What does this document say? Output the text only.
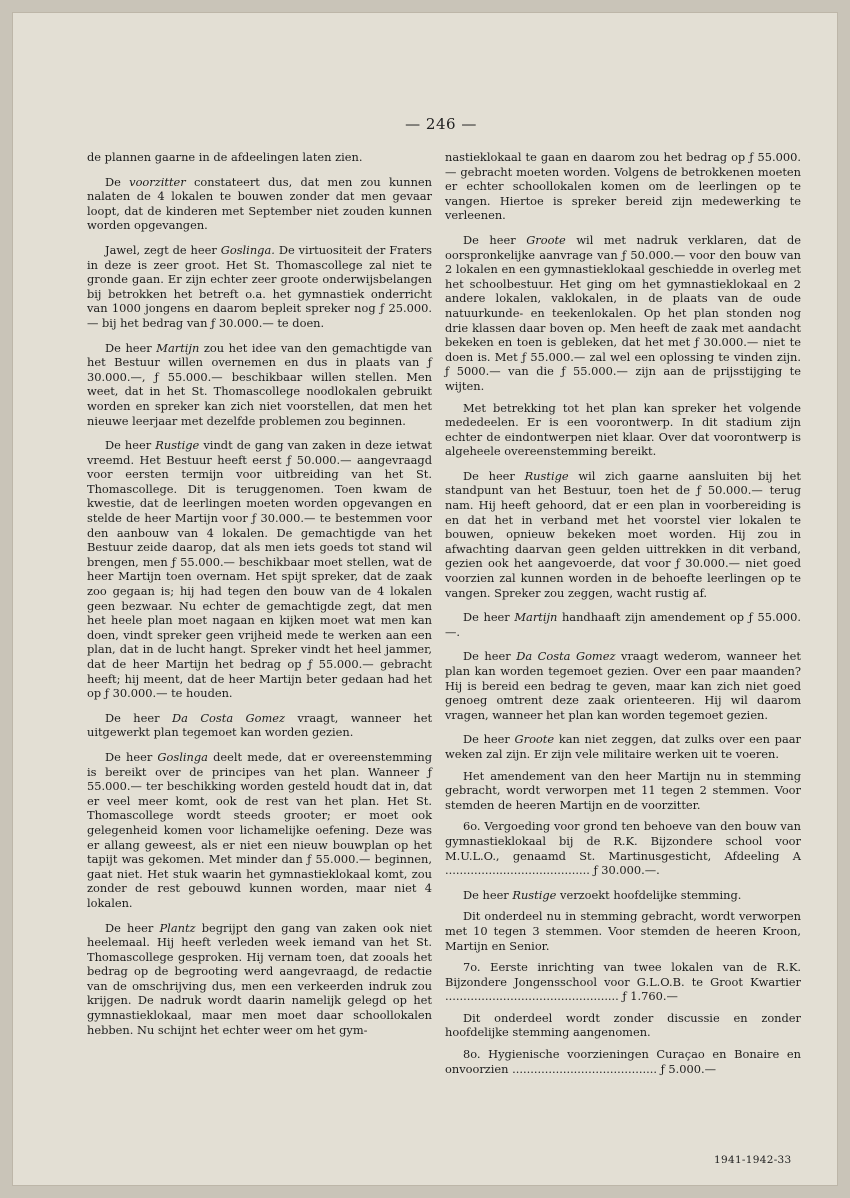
— 246 —

de plannen gaarne in de afdeelingen laten zien.

De voorzitter constateert dus, dat men zou kunnen nalaten de 4 lokalen te bouwen zonder dat men gevaar loopt, dat de kinderen met September niet zouden kunnen worden opgevangen.

Jawel, zegt de heer Goslinga. De virtuositeit der Fraters in deze is zeer groot. Het St. Thomascollege zal niet te gronde gaan. Er zijn echter zeer groote onderwijsbelangen bij betrokken het betreft o.a. het gymnastiek onderricht van 1000 jongens en daarom bepleit spreker nog ƒ 25.000.— bij het bedrag van ƒ 30.000.— te doen.

De heer Martijn zou het idee van den gemachtigde van het Bestuur willen overnemen en dus in plaats van ƒ 30.000.—, ƒ 55.000.— beschikbaar willen stellen. Men weet, dat in het St. Thomascollege noodlokalen gebruikt worden en spreker kan zich niet voorstellen, dat men het nieuwe leerjaar met dezelfde problemen zou beginnen.

De heer Rustige vindt de gang van zaken in deze ietwat vreemd. Het Bestuur heeft eerst ƒ 50.000.— aangevraagd voor eersten termijn voor uitbreiding van het St. Thomascollege. Dit is teruggenomen. Toen kwam de kwestie, dat de leerlingen moeten worden opgevangen en stelde de heer Martijn voor ƒ 30.000.— te bestemmen voor den aanbouw van 4 lokalen. De gemachtigde van het Bestuur zeide daarop, dat als men iets goeds tot stand wil brengen, men ƒ 55.000.— beschikbaar moet stellen, wat de heer Martijn toen overnam. Het spijt spreker, dat de zaak zoo gegaan is; hij had tegen den bouw van de 4 lokalen geen bezwaar. Nu echter de gemachtigde zegt, dat men het heele plan moet nagaan en kijken moet wat men kan doen, vindt spreker geen vrijheid mede te werken aan een plan, dat in de lucht hangt. Spreker vindt het heel jammer, dat de heer Martijn het bedrag op ƒ 55.000.— gebracht heeft; hij meent, dat de heer Martijn beter gedaan had het op ƒ 30.000.— te houden.

De heer Da Costa Gomez vraagt, wanneer het uitgewerkt plan tegemoet kan worden gezien.

De heer Goslinga deelt mede, dat er overeenstemming is bereikt over de principes van het plan. Wanneer ƒ 55.000.— ter beschikking worden gesteld houdt dat in, dat er veel meer komt, ook de rest van het plan. Het St. Thomascollege wordt steeds grooter; er moet ook gelegenheid komen voor lichamelijke oefening. Deze was er allang geweest, als er niet een nieuw bouwplan op het tapijt was gekomen. Met minder dan ƒ 55.000.— beginnen, gaat niet. Het stuk waarin het gymnastieklokaal komt, zou zonder de rest gebouwd kunnen worden, maar niet 4 lokalen.

De heer Plantz begrijpt den gang van zaken ook niet heelemaal. Hij heeft verleden week iemand van het St. Thomascollege gesproken. Hij vernam toen, dat zooals het bedrag op de begrooting werd aangevraagd, de redactie van de omschrijving dus, men een verkeerden indruk zou krijgen. De nadruk wordt daarin namelijk gelegd op het gymnastieklokaal, maar men moet daar schoollokalen hebben. Nu schijnt het echter weer om het gym-

nastieklokaal te gaan en daarom zou het bedrag op ƒ 55.000.— gebracht moeten worden. Volgens de betrokkenen moeten er echter schoollokalen komen om de leerlingen op te vangen. Hiertoe is spreker bereid zijn medewerking te verleenen.

De heer Groote wil met nadruk verklaren, dat de oorspronkelijke aanvrage van ƒ 50.000.— voor den bouw van 2 lokalen en een gymnastieklokaal geschiedde in overleg met het schoolbestuur. Het ging om het gymnastieklokaal en 2 andere lokalen, vaklokalen, in de plaats van de oude natuurkunde- en teekenlokalen. Op het plan stonden nog drie klassen daar boven op. Men heeft de zaak met aandacht bekeken en toen is gebleken, dat het met ƒ 30.000.— niet te doen is. Met ƒ 55.000.— zal wel een oplossing te vinden zijn. ƒ 5000.— van die ƒ 55.000.— zijn aan de prijsstijging te wijten.

Met betrekking tot het plan kan spreker het volgende mededeelen. Er is een voorontwerp. In dit stadium zijn echter de eindontwerpen niet klaar. Over dat voorontwerp is algeheele overeenstemming bereikt.

De heer Rustige wil zich gaarne aansluiten bij het standpunt van het Bestuur, toen het de ƒ 50.000.— terug nam. Hij heeft gehoord, dat er een plan in voorbereiding is en dat het in verband met het voorstel vier lokalen te bouwen, opnieuw bekeken moet worden. Hij zou in afwachting daarvan geen gelden uittrekken in dit verband, gezien ook het aangevoerde, dat voor ƒ 30.000.— niet goed voorzien zal kunnen worden in de behoefte leerlingen op te vangen. Spreker zou zeggen, wacht rustig af.

De heer Martijn handhaaft zijn amendement op ƒ 55.000.—.

De heer Da Costa Gomez vraagt wederom, wanneer het plan kan worden tegemoet gezien. Over een paar maanden? Hij is bereid een bedrag te geven, maar kan zich niet goed genoeg omtrent deze zaak orienteeren. Hij wil daarom vragen, wanneer het plan kan worden tegemoet gezien.

De heer Groote kan niet zeggen, dat zulks over een paar weken zal zijn. Er zijn vele militaire werken uit te voeren.

Het amendement van den heer Martijn nu in stemming gebracht, wordt verworpen met 11 tegen 2 stemmen. Voor stemden de heeren Martijn en de voorzitter.

6o. Vergoeding voor grond ten behoeve van den bouw van gymnastieklokaal bij de R.K. Bijzondere school voor M.U.L.O., genaamd St. Martinusgesticht, Afdeeling A ........................................ ƒ 30.000.—.

De heer Rustige verzoekt hoofdelijke stemming.

Dit onderdeel nu in stemming gebracht, wordt verworpen met 10 tegen 3 stemmen. Voor stemden de heeren Kroon, Martijn en Senior.

7o. Eerste inrichting van twee lokalen van de R.K. Bijzondere Jongensschool voor G.L.O.B. te Groot Kwartier ................................................ ƒ 1.760.—

Dit onderdeel wordt zonder discussie en zonder hoofdelijke stemming aangenomen.

8o. Hygienische voorzieningen Curaçao en Bonaire en onvoorzien ........................................ ƒ 5.000.—

1941-1942-33
